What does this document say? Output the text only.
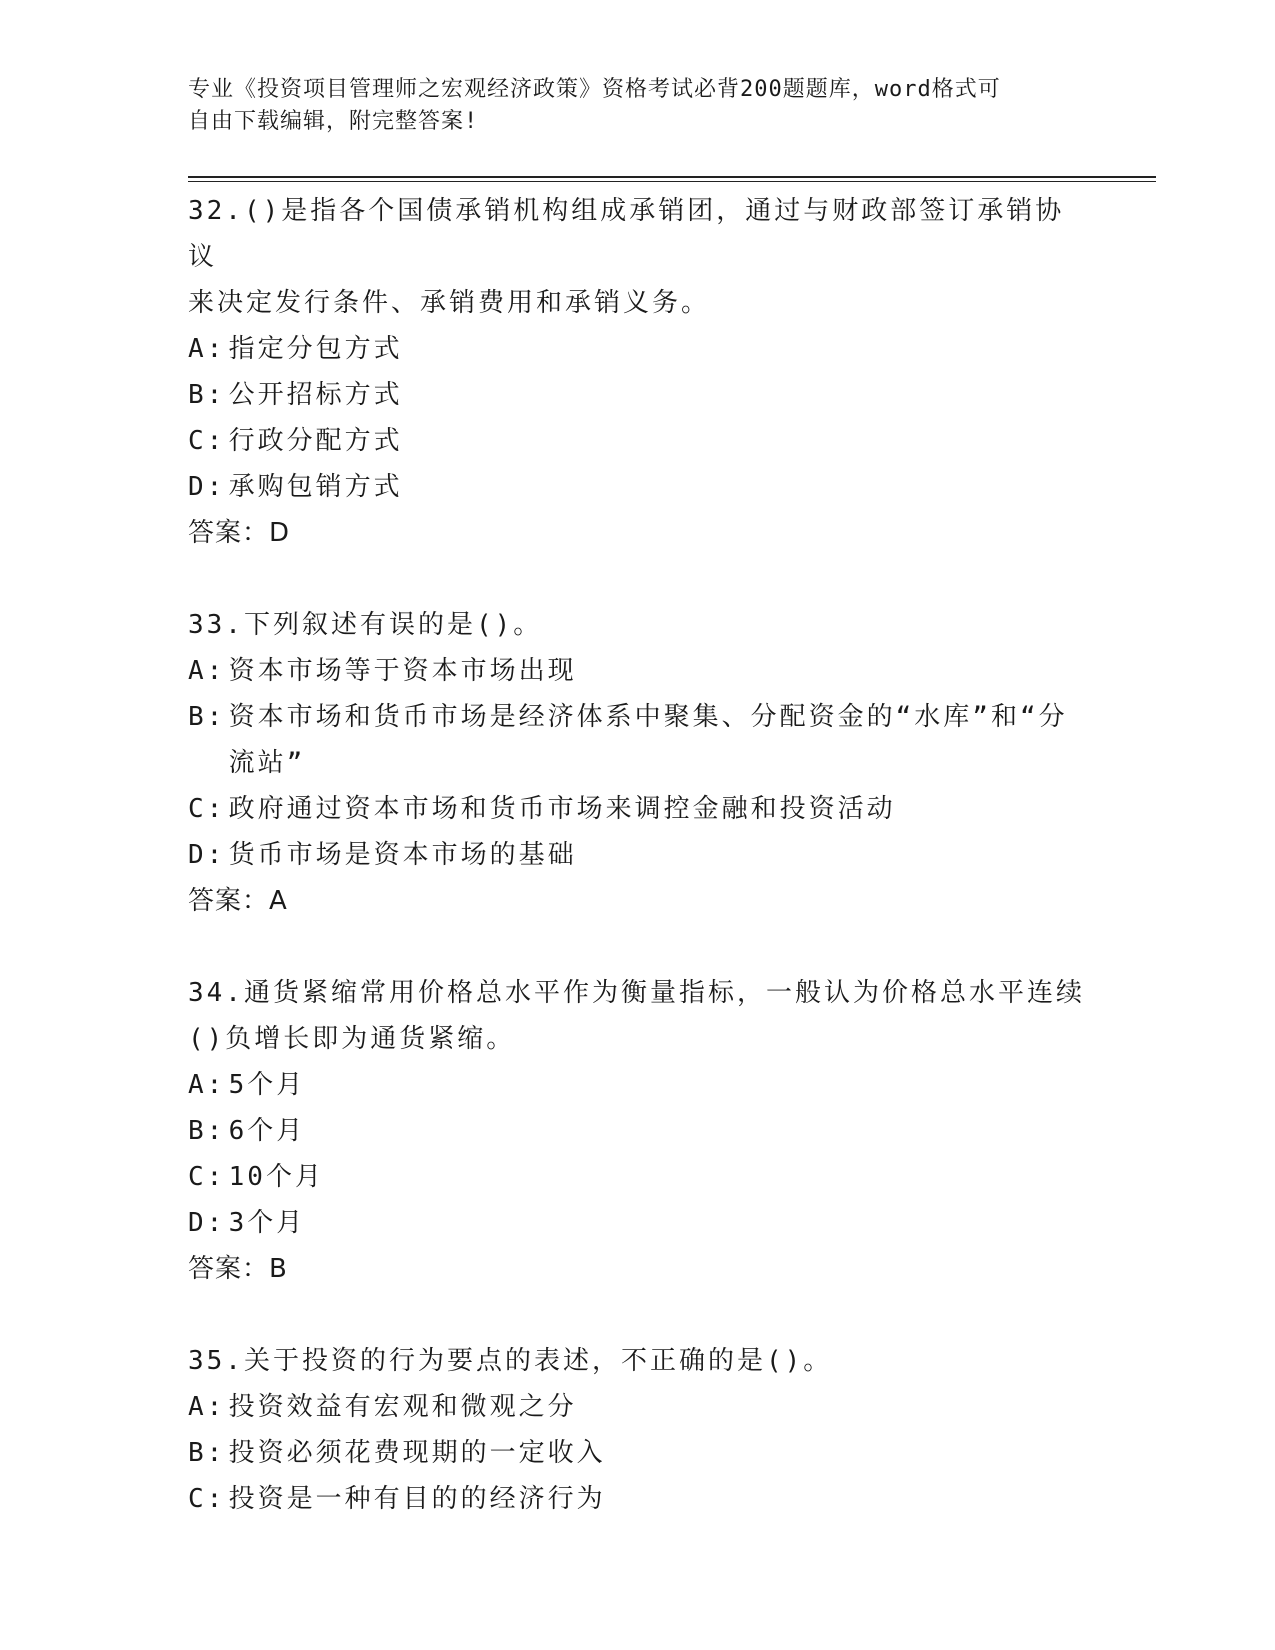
专业《投资项目管理师之宏观经济政策》资格考试必背200题题库，word格式可
自由下载编辑，附完整答案!
32.()是指各个国债承销机构组成承销团，通过与财政部签订承销协议
来决定发行条件、承销费用和承销义务。
A : 指定分包方式
B : 公开招标方式
C : 行政分配方式
D : 承购包销方式
答案：D
33.下列叙述有误的是()。
A : 资本市场等于资本市场出现
B : 资本市场和货币市场是经济体系中聚集、分配资金的“水库”和“分流站”
C : 政府通过资本市场和货币市场来调控金融和投资活动
D : 货币市场是资本市场的基础
答案：A
34.通货紧缩常用价格总水平作为衡量指标，一般认为价格总水平连续
()负增长即为通货紧缩。
A : 5个月
B : 6个月
C : 10个月
D : 3个月
答案：B
35.关于投资的行为要点的表述，不正确的是()。
A : 投资效益有宏观和微观之分
B : 投资必须花费现期的一定收入
C : 投资是一种有目的的经济行为
